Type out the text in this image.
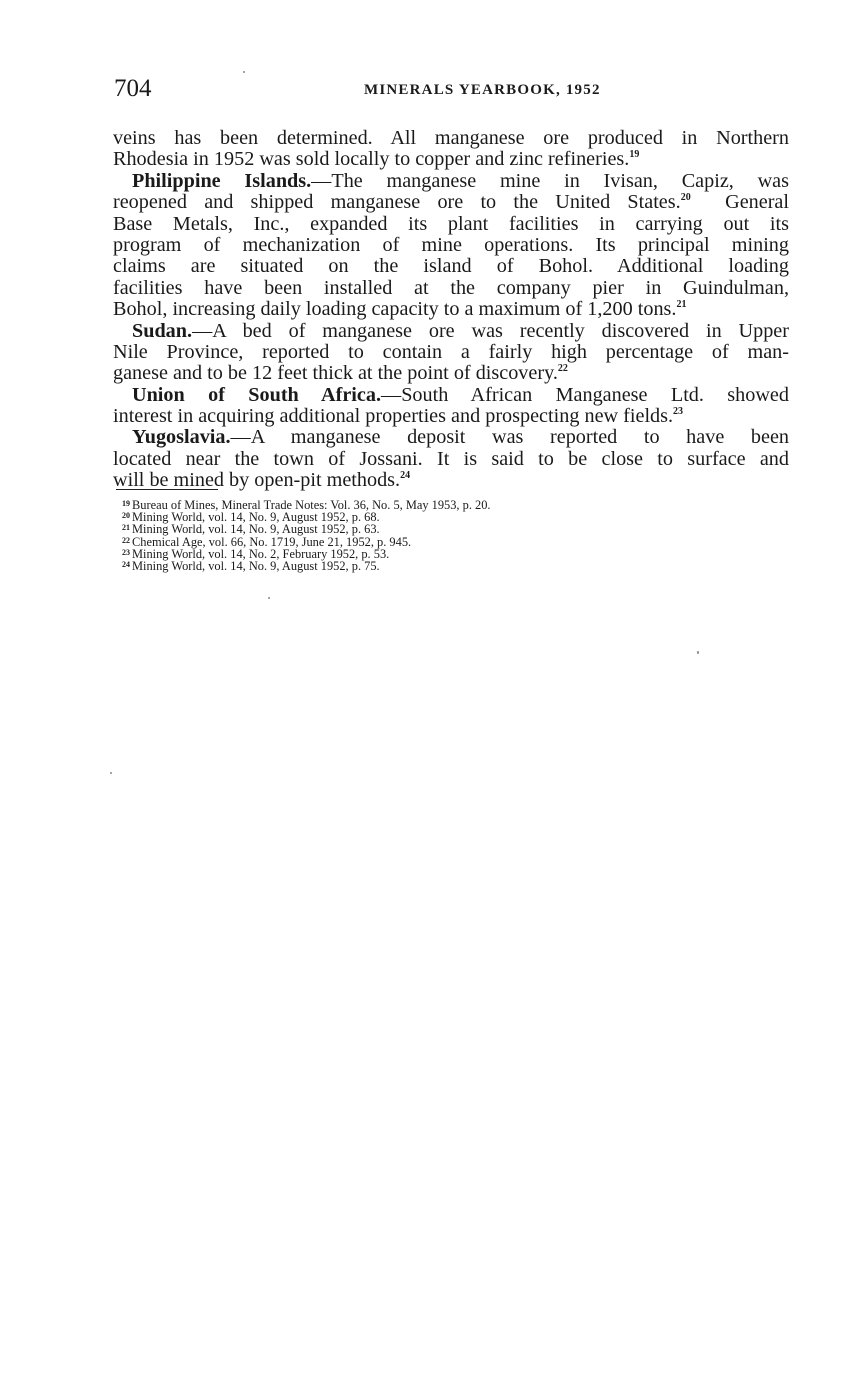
704	MINERALS YEARBOOK, 1952
veins has been determined. All manganese ore produced in Northern
Rhodesia in 1952 was sold locally to copper and zinc refineries.$^{19}$
Philippine Islands.—The manganese mine in Ivisan, Capiz, was
reopened and shipped manganese ore to the United States.$^{20}$  General
Base Metals, Inc., expanded its plant facilities in carrying out its
program of mechanization of mine operations. Its principal mining
claims are situated on the island of Bohol. Additional loading
facilities have been installed at the company pier in Guindulman,
Bohol, increasing daily loading capacity to a maximum of 1,200 tons.$^{21}$
Sudan.—A bed of manganese ore was recently discovered in Upper
Nile Province, reported to contain a fairly high percentage of man-
ganese and to be 12 feet thick at the point of discovery.$^{22}$
Union of South Africa.—South African Manganese Ltd. showed
interest in acquiring additional properties and prospecting new fields.$^{23}$
Yugoslavia.—A manganese deposit was reported to have been
located near the town of Jossani. It is said to be close to surface and
will be mined by open-pit methods.$^{24}$
$^{19}$ Bureau of Mines, Mineral Trade Notes: Vol. 36, No. 5, May 1953, p. 20.
$^{20}$ Mining World, vol. 14, No. 9, August 1952, p. 68.
$^{21}$ Mining World, vol. 14, No. 9, August 1952, p. 63.
$^{22}$ Chemical Age, vol. 66, No. 1719, June 21, 1952, p. 945.
$^{23}$ Mining World, vol. 14, No. 2, February 1952, p. 53.
$^{24}$ Mining World, vol. 14, No. 9, August 1952, p. 75.
